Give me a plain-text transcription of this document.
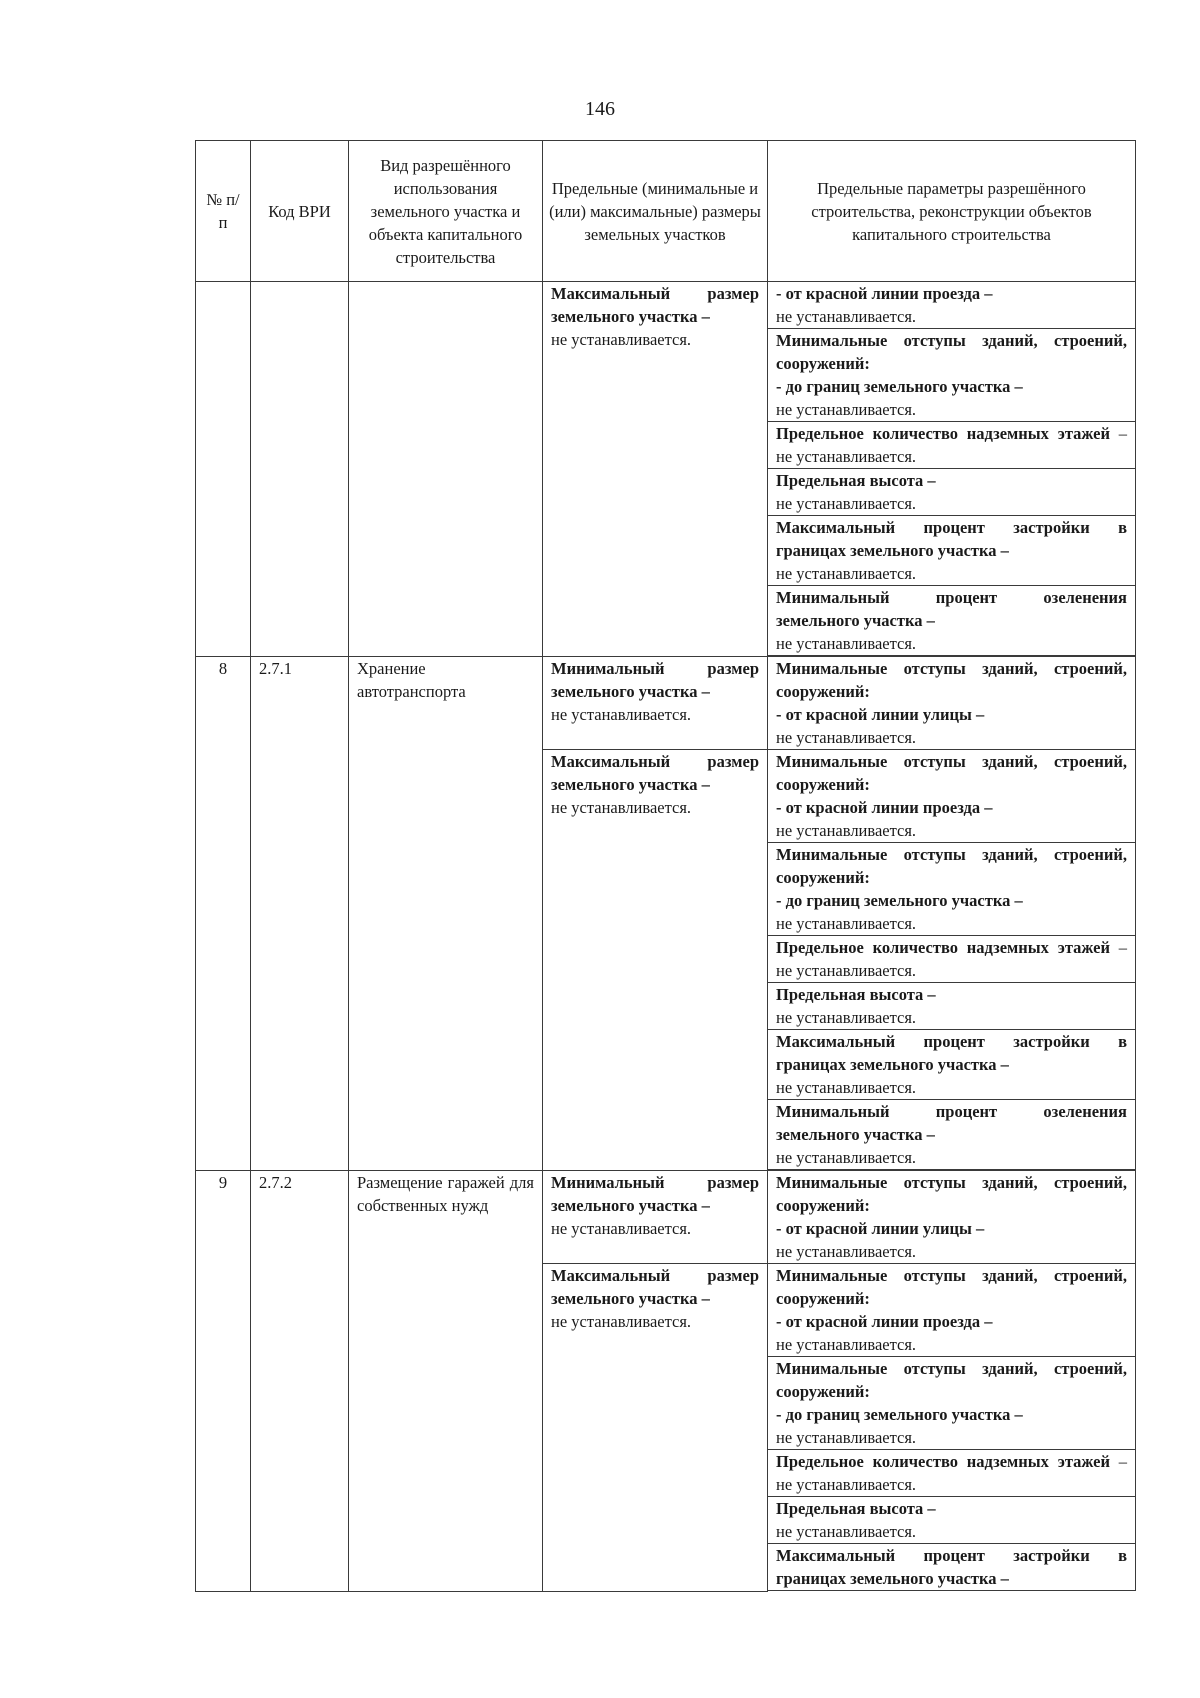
146
№ п/п	Код ВРИ	Вид разрешённого использования земельного участка и объекта капитального строительства	Предельные (минимальные и (или) максимальные) размеры земельных участков	Предельные параметры разрешённого строительства, реконструкции объектов капитального строительства
			Максимальный размер земельного участка –
не устанавливается.	- от красной линии проезда –
не устанавливается.
				Минимальные отступы зданий, строений, сооружений:
- до границ земельного участка –
не устанавливается.
				Предельное количество надземных этажей – не устанавливается.
				Предельная высота –
не устанавливается.
				Максимальный процент застройки в границах земельного участка –
не устанавливается.
				Минимальный процент озеленения земельного участка –
не устанавливается.

8	2.7.1	Хранение автотранспорта	Минимальный размер земельного участка –
не устанавливается.	Минимальные отступы зданий, строений, сооружений:
- от красной линии улицы –
не устанавливается.
			Максимальный размер земельного участка –
не устанавливается.	Минимальные отступы зданий, строений, сооружений:
- от красной линии проезда –
не устанавливается.
				Минимальные отступы зданий, строений, сооружений:
- до границ земельного участка –
не устанавливается.
				Предельное количество надземных этажей – не устанавливается.
				Предельная высота –
не устанавливается.
				Максимальный процент застройки в границах земельного участка –
не устанавливается.
				Минимальный процент озеленения земельного участка –
не устанавливается.

9	2.7.2	Размещение гаражей для собственных нужд	Минимальный размер земельного участка –
не устанавливается.	Минимальные отступы зданий, строений, сооружений:
- от красной линии улицы –
не устанавливается.
			Максимальный размер земельного участка –
не устанавливается.	Минимальные отступы зданий, строений, сооружений:
- от красной линии проезда –
не устанавливается.
				Минимальные отступы зданий, строений, сооружений:
- до границ земельного участка –
не устанавливается.
				Предельное количество надземных этажей – не устанавливается.
				Предельная высота –
не устанавливается.
				Максимальный процент застройки в границах земельного участка –
